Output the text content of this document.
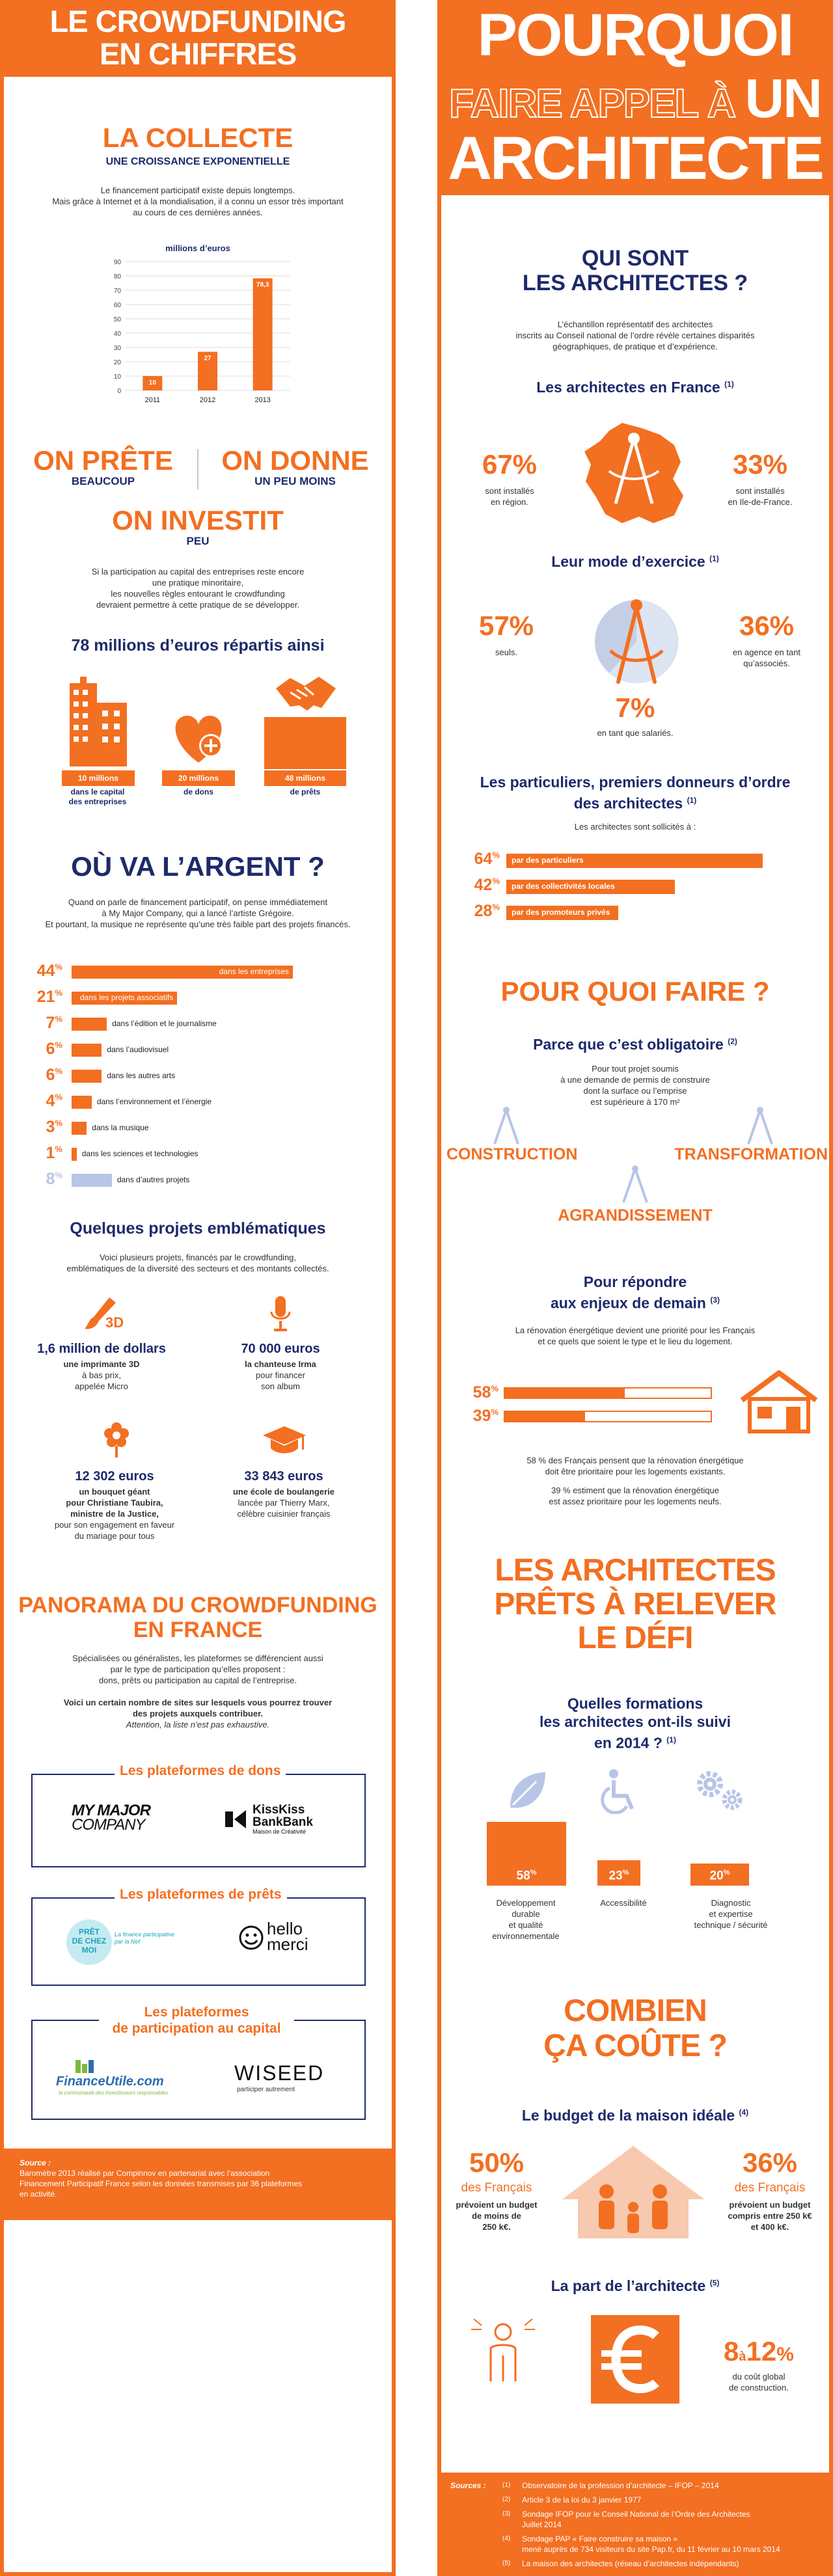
LE CROWDFUNDING
EN CHIFFRES
LA COLLECTE
UNE CROISSANCE EXPONENTIELLE
Le financement participatif existe depuis longtemps.
Mais grâce à Internet et à la mondialisation, il a connu un essor très important
au cours de ces dernières années.
millions d’euros
0
10
20
30
40
50
60
70
80
90
10
2011
27
2012
78,3
2013
ON PRÊTE
BEAUCOUP
ON DONNE
UN PEU MOINS
ON INVESTIT
PEU
Si la participation au capital des entreprises reste encore
une pratique minoritaire,
les nouvelles règles entourant le crowdfunding
devraient permettre à cette pratique de se développer.
78 millions d’euros répartis ainsi
10 millions
dans le capital
des entreprises
20 millions
de dons
48 millions
de prêts
OÙ VA L’ARGENT ?
Quand on parle de financement participatif, on pense immédiatement
à My Major Company, qui a lancé l’artiste Grégoire.
Et pourtant, la musique ne représente qu’une très faible part des projets financés.
44%	dans les entreprises
21% dans les projets associatifs
7%	dans l’édition et le journalisme
6%	dans l’audiovisuel
6%	dans les autres arts
4%	dans l’environnement et l’énergie
3%	dans la musique
1% dans les sciences et technologies
8%	dans d’autres projets
Quelques projets emblématiques
Voici plusieurs projets, financés par le crowdfunding,
emblématiques de la diversité des secteurs et des montants collectés.
3D
1,6 million de dollars
une imprimante 3D
à bas prix,
appelée Micro
70 000 euros
la chanteuse Irma
pour financer
son album
12 302 euros
un bouquet géant
pour Christiane Taubira,
ministre de la Justice,
pour son engagement en faveur
du mariage pour tous
33 843 euros
une école de boulangerie
lancée par Thierry Marx,
célèbre cuisinier français
PANORAMA DU CROWDFUNDING
EN FRANCE
Spécialisées ou généralistes, les plateformes se différencient aussi
par le type de participation qu’elles proposent :
dons, prêts ou participation au capital de l’entreprise.
Voici un certain nombre de sites sur lesquels vous pourrez trouver
des projets auxquels contribuer.
Attention, la liste n’est pas exhaustive.
Les plateformes de dons
MY MAJOR
COMPANY
KissKiss
BankBank
Maison de Créativité
Les plateformes de prêts
PRÊT
DE CHEZ
MOI
La finance participative
par la Nef
hello
merci
Les plateformes
de participation au capital
FinanceUtile.com
la communauté des investisseurs responsables
WISEED
participer autrement
Source :
Baromètre 2013 réalisé par Compinnov en partenariat avec l’association
Financement Participatif France selon les données transmises par 36 plateformes
en activité.
POURQUOI
FAIRE APPEL À UN
ARCHITECTE
QUI SONT
LES ARCHITECTES ?
L’échantillon représentatif des architectes
inscrits au Conseil national de l’ordre révèle certaines disparités
géographiques, de pratique et d’expérience.
Les architectes en France $^{(1)}$
67%
sont installés
en région.
33%
sont installés
en Ile-de-France.
Leur mode d’exercice $^{(1)}$
57%
seuls.
36%
en agence en tant
qu’associés.
7%
en tant que salariés.
Les particuliers, premiers donneurs d’ordre
des architectes $^{(1)}$
Les architectes sont sollicités à :
64%
par des particuliers
42%
par des collectivités locales
28%
par des promoteurs privés
POUR QUOI FAIRE ?
Parce que c’est obligatoire $^{(2)}$
Pour tout projet soumis
à une demande de permis de construire
dont la surface ou l’emprise
est supérieure à 170 m²
CONSTRUCTION	TRANSFORMATION
AGRANDISSEMENT
Pour répondre
aux enjeux de demain $^{(3)}$
La rénovation énergétique devient une priorité pour les Français
et ce quels que soient le type et le lieu du logement.
58%
39%
58 % des Français pensent que la rénovation énergétique
doit être prioritaire pour les logements existants.
39 % estiment que la rénovation énergétique
est assez prioritaire pour les logements neufs.
LES ARCHITECTES
PRÊTS À RELEVER
LE DÉFI
Quelles formations
les architectes ont-ils suivi
en 2014 ? $^{(1)}$
58%	23%	20%
Développement
durable
et qualité
environnementale
Accessibilité	Diagnostic
et expertise
technique / sécurité
COMBIEN
ÇA COÛTE ?
Le budget de la maison idéale $^{(4)}$
50%
des Français
prévoient un budget
de moins de
250 k€.
36%
des Français
prévoient un budget
compris entre 250 k€
et 400 k€.
La part de l’architecte $^{(5)}$
8à12%
du coût global
de construction.
Sources :	(1)	Observatoire de la profession d’architecte – IFOP – 2014
(2)	Article 3 de la loi du 3 janvier 1977
(3)	Sondage IFOP pour le Conseil National de l’Ordre des Architectes
Juillet 2014
(4)	Sondage PAP « Faire construire sa maison »
mené auprès de 734 visiteurs du site Pap.fr, du 11 février au 10 mars 2014
(5)	La maison des architectes (réseau d’architectes indépendants)
